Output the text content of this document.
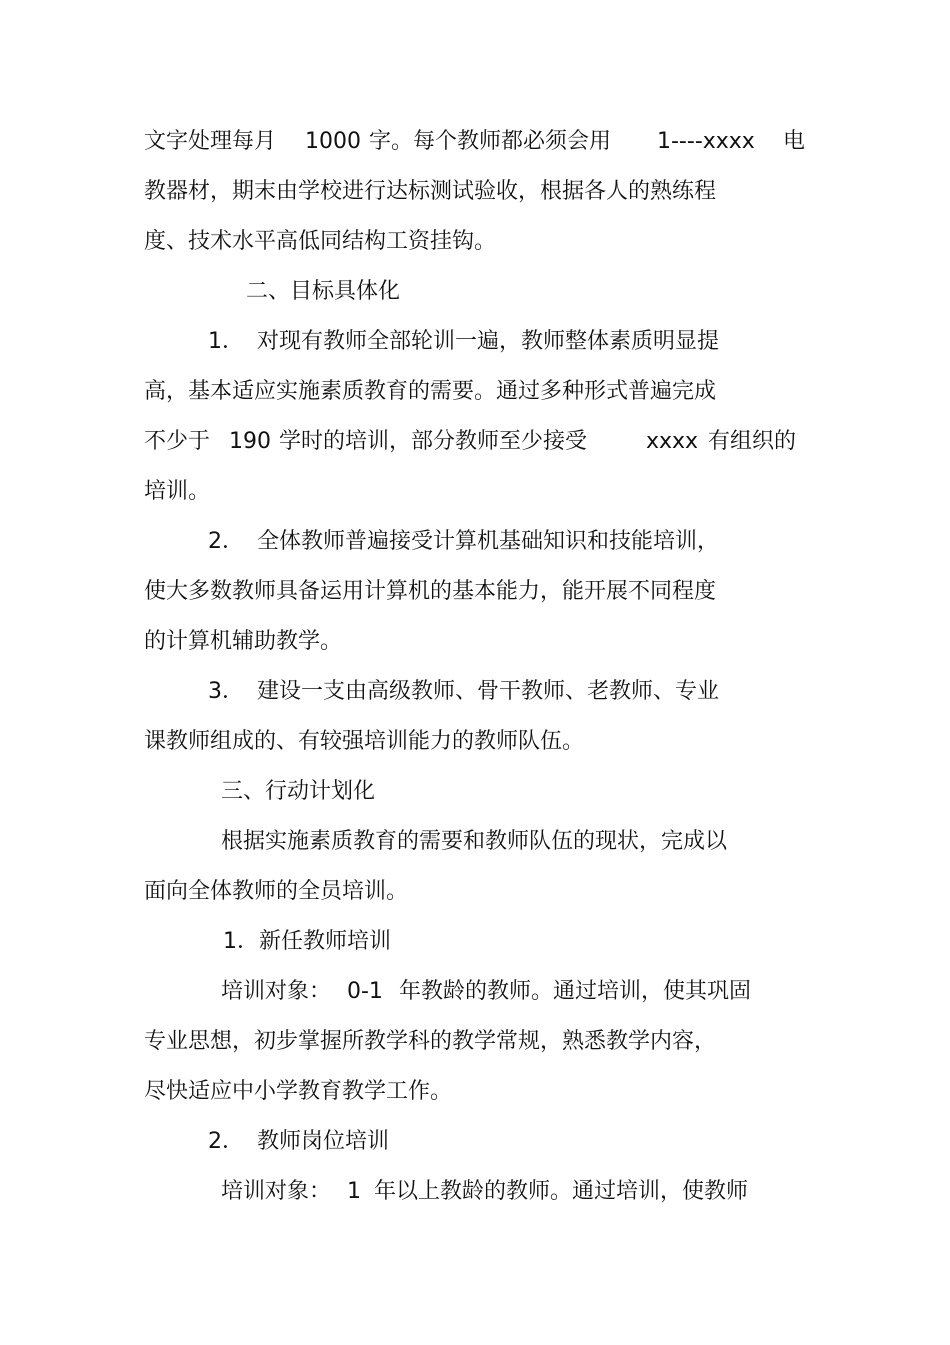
文字处理每月 1000 字。每个教师都必须会用 1----xxxx 电
教器材，期末由学校进行达标测试验收，根据各人的熟练程
度、技术水平高低同结构工资挂钩。
二、目标具体化
1． 对现有教师全部轮训一遍，教师整体素质明显提
高，基本适应实施素质教育的需要。通过多种形式普遍完成
不少于 190 学时的培训，部分教师至少接受	xxxx 有组织的
培训。
2． 全体教师普遍接受计算机基础知识和技能培训，
使大多数教师具备运用计算机的基本能力，能开展不同程度
的计算机辅助教学。
3． 建设一支由高级教师、骨干教师、老教师、专业
课教师组成的、有较强培训能力的教师队伍。
三、行动计划化
根据实施素质教育的需要和教师队伍的现状，完成以
面向全体教师的全员培训。
1．新任教师培训
培训对象： 0-1 年教龄的教师。通过培训，使其巩固
专业思想，初步掌握所教学科的教学常规，熟悉教学内容，
尽快适应中小学教育教学工作。
2． 教师岗位培训
培训对象： 1 年以上教龄的教师。通过培训，使教师
